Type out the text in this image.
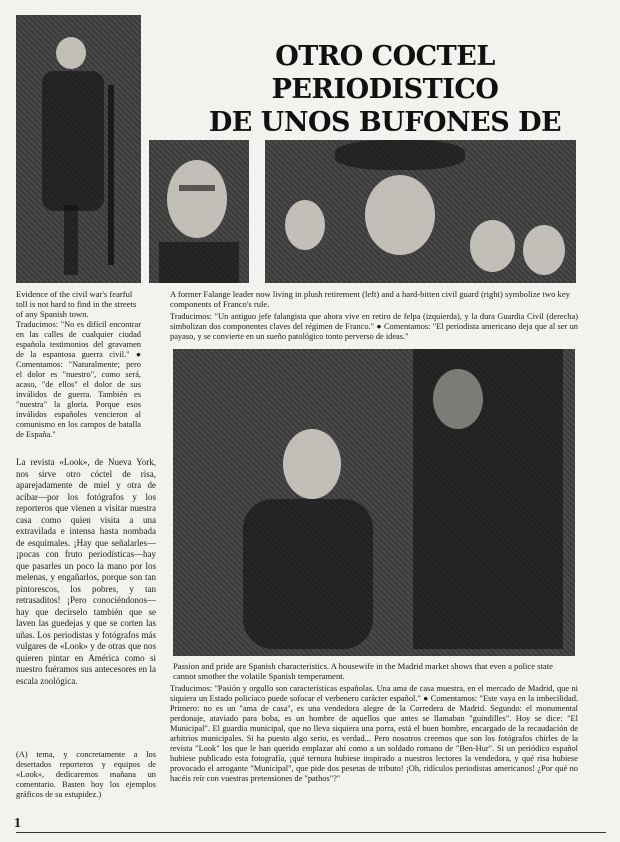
OTRO COCTEL PERIODISTICO
DE UNOS BUFONES DE
Evidence of the civil war's fearful toll is not hard to find in the streets of any Spanish town.
A former Falange leader now living in plush retirement (left) and a hard-bitten civil guard (right) symbolize two key components of Franco's rule.
Traducimos: "No es difícil encontrar en las calles de cualquier ciudad española testimonios del gravamen de la espantosa guerra civil." ● Comentamos: "Naturalmente; pero el dolor es "nuestro", como será, acaso, "de ellos" el dolor de sus inválidos de guerra. También es "nuestra" la gloria. Porque esos inválidos españoles vencieron al comunismo en los campos de batalla de España."
Traducimos: "Un antiguo jefe falangista que ahora vive en retiro de felpa (izquierda), y la dura Guardia Civil (derecha) simbolizan dos componentes claves del régimen de Franco." ● Comentamos: "El periodista americano deja que al ser un payaso, y se convierte en un sueño patológico tonto perverso de ideas."
Passion and pride are Spanish characteristics. A housewife in the Madrid market shows that even a police state cannot smother the volatile Spanish temperament.
Traducimos: "Pasión y orgullo son características españolas. Una ama de casa muestra, en el mercado de Madrid, que ni siquiera un Estado policíaco puede sofocar el verbenero carácter español." ● Comentamos: "Este vaya en la imbecilidad. Primero: no es un "ama de casa", es una vendedora alegre de la Corredera de Madrid. Segundo: el monumental perdonaje, ataviado para boba, es un hombre de aquellos que antes se llamaban "guindilles". Hoy se dice: "El Municipal". El guardia municipal, que no lleva siquiera una porra, está el buen hombre, encargado de la recaudación de arbitrios municipales. Si ha puesto algo serio, es verdad... Pero nosotros creemos que son los fotógrafos chirles de la revista "Look" los que le han querido emplazar ahí como a un soldado romano de "Ben-Hur". Si un periódico español hubiese publicado esta fotografía, ¡qué ternura hubiese inspirado a nuestros lectores la vendedora, y qué risa hubiese provocado el arrogante "Municipal", que pide dos pesetas de tributo! ¡Oh, ridículos periodistas americanos! ¿Por qué no hacéis reír con vuestras pretensiones de "pathos"?"
La revista «Look», de Nueva York, nos sirve otro cóctel de risa, aparejadamente de miel y otra de acíbar—por los fotógrafos y los reporteros que vienen a visitar nuestra casa como quien visita a una extravilada e intensa hasta nombada de esquimales. ¡Hay que señalarles—¡pocas con fruto periodísticas—hay que pasarles un poco la mano por los melenas, y engañarlos, porque son tan pintorescos, los pobres, y tan retrasaditos! ¡Pero conociéndonos—hay que decírselo también que se laven las guedejas y que se corten las uñas. Los periodistas y fotógrafos más vulgares de «Look» y de otras que nos quieren pintar en América como si nuestro fuéramos sus antecesores en la escala zoológica.
(A) tema, y concretamente a los desertados reporteros y equipos de «Look», dedicaremos mañana un comentario. Basten hoy los ejemplos gráficos de su estupidez.)
1
